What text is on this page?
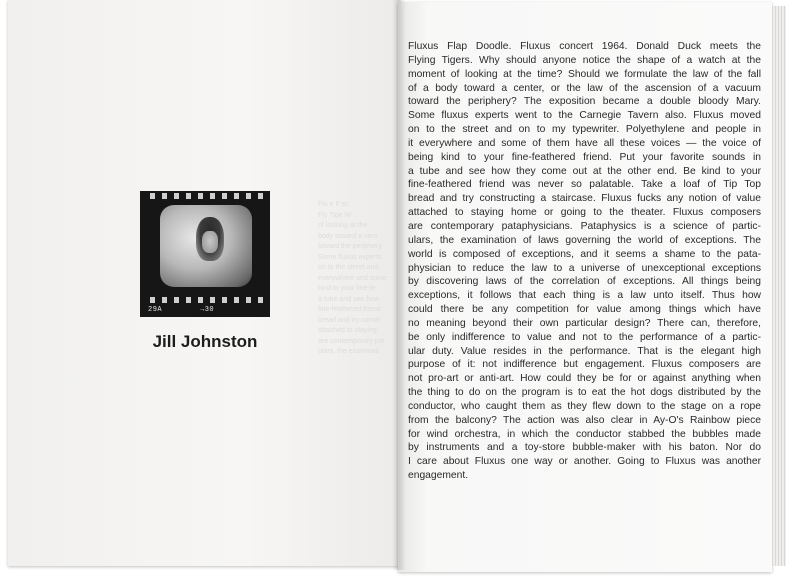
Flu e F sc
Fly Tige W
of looking at the
body toward a cent
toward the periphery
Some fluxus experts
on to the street and
everywhere and some
kind to your fine-fe
a tube and see how
fine-feathered friend
bread and try constr
attached to staying
are contemporary pat
ulars, the examinati
29A	→30
Jill Johnston
Fluxus Flap Doodle. Fluxus concert 1964. Donald Duck meets the
Flying Tigers. Why should anyone notice the shape of a watch at the
moment of looking at the time? Should we formulate the law of the fall
of a body toward a center, or the law of the ascension of a vacuum
toward the periphery? The exposition became a double bloody Mary.
Some fluxus experts went to the Carnegie Tavern also. Fluxus moved
on to the street and on to my typewriter. Polyethylene and people in
it everywhere and some of them have all these voices — the voice of
being kind to your fine-feathered friend. Put your favorite sounds in
a tube and see how they come out at the other end. Be kind to your
fine-feathered friend was never so palatable. Take a loaf of Tip Top
bread and try constructing a staircase. Fluxus fucks any notion of value
attached to staying home or going to the theater. Fluxus composers
are contemporary pataphysicians. Pataphysics is a science of partic-
ulars, the examination of laws governing the world of exceptions. The
world is composed of exceptions, and it seems a shame to the pata-
physician to reduce the law to a universe of unexceptional exceptions
by discovering laws of the correlation of exceptions. All things being
exceptions, it follows that each thing is a law unto itself. Thus how
could there be any competition for value among things which have
no meaning beyond their own particular design? There can, therefore,
be only indifference to value and not to the performance of a partic-
ular duty. Value resides in the performance. That is the elegant high
purpose of it: not indifference but engagement. Fluxus composers are
not pro-art or anti-art. How could they be for or against anything when
the thing to do on the program is to eat the hot dogs distributed by the
conductor, who caught them as they flew down to the stage on a rope
from the balcony? The action was also clear in Ay-O's Rainbow piece
for wind orchestra, in which the conductor stabbed the bubbles made
by instruments and a toy-store bubble-maker with his baton. Nor do
I care about Fluxus one way or another. Going to Fluxus was another
engagement.
